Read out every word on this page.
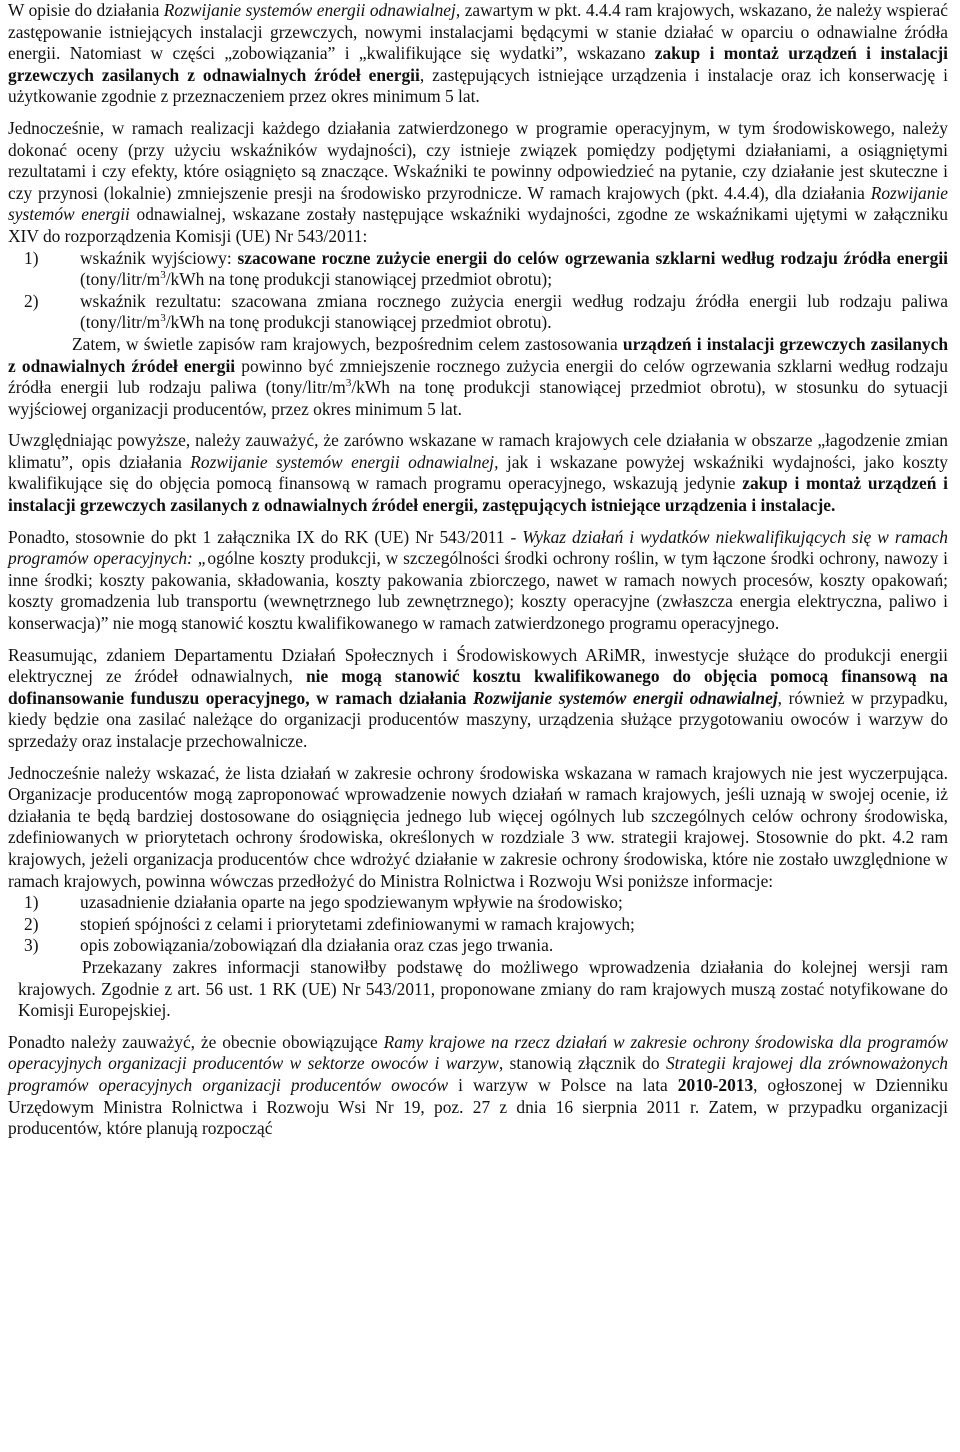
W opisie do działania Rozwijanie systemów energii odnawialnej, zawartym w pkt. 4.4.4 ram krajowych, wskazano, że należy wspierać zastępowanie istniejących instalacji grzewczych, nowymi instalacjami będącymi w stanie działać w oparciu o odnawialne źródła energii. Natomiast w części „zobowiązania” i „kwalifikujące się wydatki”, wskazano zakup i montaż urządzeń i instalacji grzewczych zasilanych z odnawialnych źródeł energii, zastępujących istniejące urządzenia i instalacje oraz ich konserwację i użytkowanie zgodnie z przeznaczeniem przez okres minimum 5 lat.

Jednocześnie, w ramach realizacji każdego działania zatwierdzonego w programie operacyjnym, w tym środowiskowego, należy dokonać oceny (przy użyciu wskaźników wydajności), czy istnieje związek pomiędzy podjętymi działaniami, a osiągniętymi rezultatami i czy efekty, które osiągnięto są znaczące. Wskaźniki te powinny odpowiedzieć na pytanie, czy działanie jest skuteczne i czy przynosi (lokalnie) zmniejszenie presji na środowisko przyrodnicze. W ramach krajowych (pkt. 4.4.4), dla działania Rozwijanie systemów energii odnawialnej, wskazane zostały następujące wskaźniki wydajności, zgodne ze wskaźnikami ujętymi w załączniku XIV do rozporządzenia Komisji (UE) Nr 543/2011:

1) wskaźnik wyjściowy: szacowane roczne zużycie energii do celów ogrzewania szklarni według rodzaju źródła energii ($tony/litr/m^3$/kWh na tonę produkcji stanowiącej przedmiot obrotu);
2) wskaźnik rezultatu: szacowana zmiana rocznego zużycia energii według rodzaju źródła energii lub rodzaju paliwa ($tony/litr/m^3$/kWh na tonę produkcji stanowiącej przedmiot obrotu).

Zatem, w świetle zapisów ram krajowych, bezpośrednim celem zastosowania urządzeń i instalacji grzewczych zasilanych z odnawialnych źródeł energii powinno być zmniejszenie rocznego zużycia energii do celów ogrzewania szklarni według rodzaju źródła energii lub rodzaju paliwa ($tony/litr/m^3$/kWh na tonę produkcji stanowiącej przedmiot obrotu), w stosunku do sytuacji wyjściowej organizacji producentów, przez okres minimum 5 lat.

Uwzględniając powyższe, należy zauważyć, że zarówno wskazane w ramach krajowych cele działania w obszarze „łagodzenie zmian klimatu”, opis działania Rozwijanie systemów energii odnawialnej, jak i wskazane powyżej wskaźniki wydajności, jako koszty kwalifikujące się do objęcia pomocą finansową w ramach programu operacyjnego, wskazują jedynie zakup i montaż urządzeń i instalacji grzewczych zasilanych z odnawialnych źródeł energii, zastępujących istniejące urządzenia i instalacje.

Ponadto, stosownie do pkt 1 załącznika IX do RK (UE) Nr 543/2011 - Wykaz działań i wydatków niekwalifikujących się w ramach programów operacyjnych: „ogólne koszty produkcji, w szczególności środki ochrony roślin, w tym łączone środki ochrony, nawozy i inne środki; koszty pakowania, składowania, koszty pakowania zbiorczego, nawet w ramach nowych procesów, koszty opakowań; koszty gromadzenia lub transportu (wewnętrznego lub zewnętrznego); koszty operacyjne (zwłaszcza energia elektryczna, paliwo i konserwacja)” nie mogą stanowić kosztu kwalifikowanego w ramach zatwierdzonego programu operacyjnego.

Reasumując, zdaniem Departamentu Działań Społecznych i Środowiskowych ARiMR, inwestycje służące do produkcji energii elektrycznej ze źródeł odnawialnych, nie mogą stanowić kosztu kwalifikowanego do objęcia pomocą finansową na dofinansowanie funduszu operacyjnego, w ramach działania Rozwijanie systemów energii odnawialnej, również w przypadku, kiedy będzie ona zasilać należące do organizacji producentów maszyny, urządzenia służące przygotowaniu owoców i warzyw do sprzedaży oraz instalacje przechowalnicze.

Jednocześnie należy wskazać, że lista działań w zakresie ochrony środowiska wskazana w ramach krajowych nie jest wyczerpująca. Organizacje producentów mogą zaproponować wprowadzenie nowych działań w ramach krajowych, jeśli uznają w swojej ocenie, iż działania te będą bardziej dostosowane do osiągnięcia jednego lub więcej ogólnych lub szczególnych celów ochrony środowiska, zdefiniowanych w priorytetach ochrony środowiska, określonych w rozdziale 3 ww. strategii krajowej. Stosownie do pkt. 4.2 ram krajowych, jeżeli organizacja producentów chce wdrożyć działanie w zakresie ochrony środowiska, które nie zostało uwzględnione w ramach krajowych, powinna wówczas przedłożyć do Ministra Rolnictwa i Rozwoju Wsi poniższe informacje:

1) uzasadnienie działania oparte na jego spodziewanym wpływie na środowisko;
2) stopień spójności z celami i priorytetami zdefiniowanymi w ramach krajowych;
3) opis zobowiązania/zobowiązań dla działania oraz czas jego trwania.

Przekazany zakres informacji stanowiłby podstawę do możliwego wprowadzenia działania do kolejnej wersji ram krajowych. Zgodnie z art. 56 ust. 1 RK (UE) Nr 543/2011, proponowane zmiany do ram krajowych muszą zostać notyfikowane do Komisji Europejskiej.

Ponadto należy zauważyć, że obecnie obowiązujące Ramy krajowe na rzecz działań w zakresie ochrony środowiska dla programów operacyjnych organizacji producentów w sektorze owoców i warzyw, stanowią złącznik do Strategii krajowej dla zrównoważonych programów operacyjnych organizacji producentów owoców i warzyw w Polsce na lata 2010-2013, ogłoszonej w Dzienniku Urzędowym Ministra Rolnictwa i Rozwoju Wsi Nr 19, poz. 27 z dnia 16 sierpnia 2011 r. Zatem, w przypadku organizacji producentów, które planują rozpocząć
